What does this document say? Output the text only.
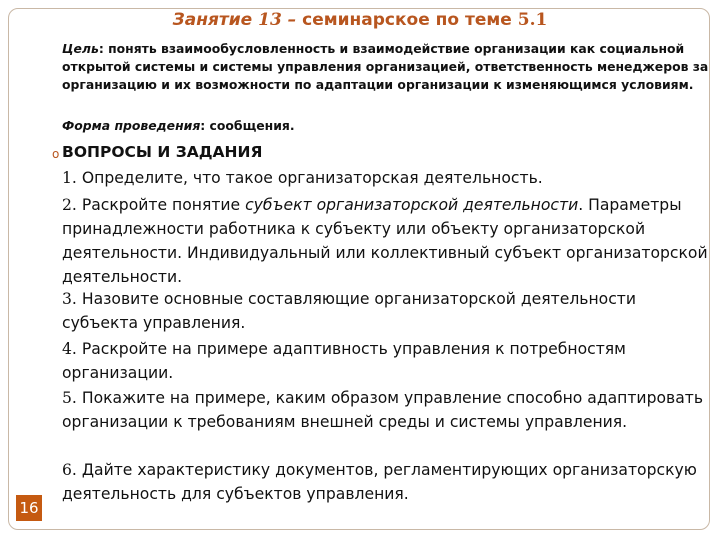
Занятие 13 – семинарское по теме 5.1
Цель: понять взаимообусловленность и взаимодействие организации как социальной открытой системы и системы управления организацией, ответственность менеджеров за организацию и их возможности по адаптации организации к изменяющимся условиям.
Форма проведения: сообщения.
o ВОПРОСЫ И ЗАДАНИЯ
1. Определите, что такое организаторская деятельность.
2. Раскройте понятие субъект организаторской деятельности. Параметры принадлежности работника к субъекту или объекту организаторской деятельности. Индивидуальный или коллективный субъект организаторской деятельности.
3. Назовите основные составляющие организаторской деятельности субъекта управления.
4. Раскройте на примере адаптивность управления к потребностям организации.
5. Покажите на примере, каким образом управление способно адаптировать организации к требованиям внешней среды и системы управления.
6. Дайте характеристику документов, регламентирующих организаторскую деятельность для субъектов управления.
16
